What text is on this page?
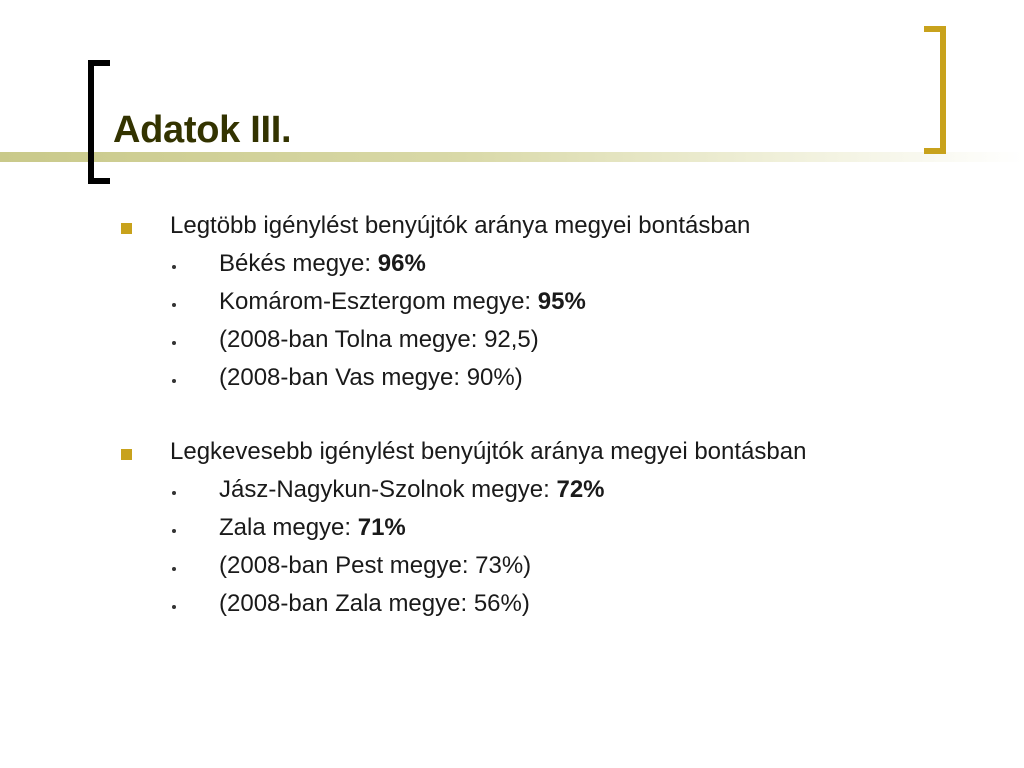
Adatok III.
Legtöbb igénylést benyújtók aránya megyei bontásban
Békés megye: 96%
Komárom-Esztergom megye: 95%
(2008-ban Tolna megye: 92,5)
(2008-ban Vas megye: 90%)
Legkevesebb igénylést benyújtók aránya megyei bontásban
Jász-Nagykun-Szolnok megye: 72%
Zala megye: 71%
(2008-ban Pest megye: 73%)
(2008-ban Zala megye: 56%)
